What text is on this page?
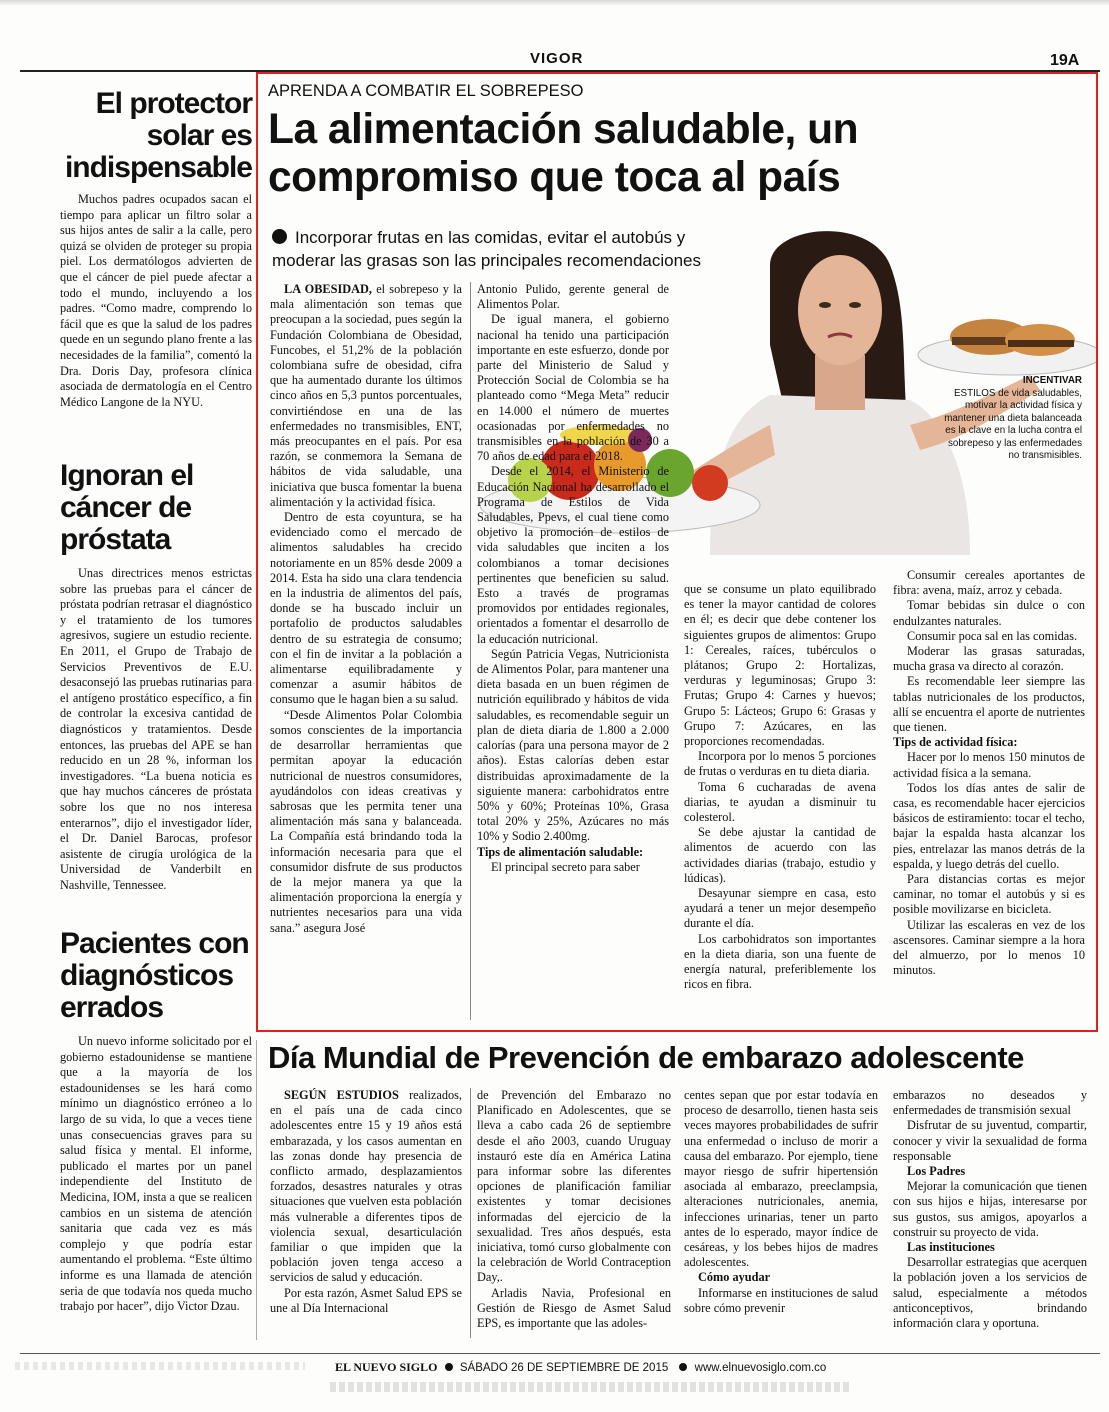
VIGOR	19A
El protector
solar es
indispensable

Muchos padres ocupados sacan el tiempo para aplicar un filtro solar a sus hijos antes de salir a la calle, pero quizá se olviden de proteger su propia piel. Los dermatólogos advierten de que el cáncer de piel puede afectar a todo el mundo, incluyendo a los padres. “Como madre, comprendo lo fácil que es que la salud de los padres quede en un segundo plano frente a las necesidades de la familia”, comentó la Dra. Doris Day, profesora clínica asociada de dermatología en el Centro Médico Langone de la NYU.

Ignoran el
cáncer de
próstata

Unas directrices menos estrictas sobre las pruebas para el cáncer de próstata podrían retrasar el diagnóstico y el tratamiento de los tumores agresivos, sugiere un estudio reciente. En 2011, el Grupo de Trabajo de Servicios Preventivos de E.U. desaconsejó las pruebas rutinarias para el antígeno prostático específico, a fin de controlar la excesiva cantidad de diagnósticos y tratamientos. Desde entonces, las pruebas del APE se han reducido en un 28 %, informan los investigadores. “La buena noticia es que hay muchos cánceres de próstata sobre los que no nos interesa enterarnos”, dijo el investigador líder, el Dr. Daniel Barocas, profesor asistente de cirugía urológica de la Universidad de Vanderbilt en Nashville, Tennessee.

Pacientes con
diagnósticos
errados

Un nuevo informe solicitado por el gobierno estadounidense se mantiene que a la mayoría de los estadounidenses se les hará como mínimo un diagnóstico erróneo a lo largo de su vida, lo que a veces tiene unas consecuencias graves para su salud física y mental. El informe, publicado el martes por un panel independiente del Instituto de Medicina, IOM, insta a que se realicen cambios en un sistema de atención sanitaria que cada vez es más complejo y que podría estar aumentando el problema. “Este último informe es una llamada de atención seria de que todavía nos queda mucho trabajo por hacer”, dijo Victor Dzau.

APRENDA A COMBATIR EL SOBREPESO
La alimentación saludable, un
compromiso que toca al país
Incorporar frutas en las comidas, evitar el autobús y moderar las grasas son las principales recomendaciones
INCENTIVAR
ESTILOS de vida saludables, motivar la actividad física y mantener una dieta balanceada es la clave en la lucha contra el sobrepeso y las enfermedades no transmisibles.

LA OBESIDAD, el sobrepeso y la mala alimentación son temas que preocupan a la sociedad, pues según la Fundación Colombiana de Obesidad, Funcobes, el 51,2% de la población colombiana sufre de obesidad, cifra que ha aumentado durante los últimos cinco años en 5,3 puntos porcentuales, convirtiéndose en una de las enfermedades no transmisibles, ENT, más preocupantes en el país. Por esa razón, se conmemora la Semana de hábitos de vida saludable, una iniciativa que busca fomentar la buena alimentación y la actividad física.

Dentro de esta coyuntura, se ha evidenciado como el mercado de alimentos saludables ha crecido notoriamente en un 85% desde 2009 a 2014. Esta ha sido una clara tendencia en la industria de alimentos del país, donde se ha buscado incluir un portafolio de productos saludables dentro de su estrategia de consumo; con el fin de invitar a la población a alimentarse equilibradamente y comenzar a asumir hábitos de consumo que le hagan bien a su salud.

“Desde Alimentos Polar Colombia somos conscientes de la importancia de desarrollar herramientas que permitan apoyar la educación nutricional de nuestros consumidores, ayudándolos con ideas creativas y sabrosas que les permita tener una alimentación más sana y balanceada. La Compañía está brindando toda la información necesaria para que el consumidor disfrute de sus productos de la mejor manera ya que la alimentación proporciona la energía y nutrientes necesarios para una vida sana.” asegura José

Antonio Pulido, gerente general de Alimentos Polar.

De igual manera, el gobierno nacional ha tenido una participación importante en este esfuerzo, donde por parte del Ministerio de Salud y Protección Social de Colombia se ha planteado como “Mega Meta” reducir en 14.000 el número de muertes ocasionadas por enfermedades no transmisibles en la población de 30 a 70 años de edad para el 2018.

Desde el 2014, el Ministerio de Educación Nacional ha desarrollado el Programa de Estilos de Vida Saludables, Ppevs, el cual tiene como objetivo la promoción de estilos de vida saludables que inciten a los colombianos a tomar decisiones pertinentes que beneficien su salud. Esto a través de programas promovidos por entidades regionales, orientados a fomentar el desarrollo de la educación nutricional.

Según Patricia Vegas, Nutricionista de Alimentos Polar, para mantener una dieta basada en un buen régimen de nutrición equilibrado y hábitos de vida saludables, es recomendable seguir un plan de dieta diaria de 1.800 a 2.000 calorías (para una persona mayor de 2 años). Estas calorías deben estar distribuidas aproximadamente de la siguiente manera: carbohidratos entre 50% y 60%; Proteínas 10%, Grasa total 20% y 25%, Azúcares no más 10% y Sodio 2.400mg.

Tips de alimentación saludable:

El principal secreto para saber

que se consume un plato equilibrado es tener la mayor cantidad de colores en él; es decir que debe contener los siguientes grupos de alimentos: Grupo 1: Cereales, raíces, tubérculos o plátanos; Grupo 2: Hortalizas, verduras y leguminosas; Grupo 3: Frutas; Grupo 4: Carnes y huevos; Grupo 5: Lácteos; Grupo 6: Grasas y Grupo 7: Azúcares, en las proporciones recomendadas.

Incorpora por lo menos 5 porciones de frutas o verduras en tu dieta diaria.

Toma 6 cucharadas de avena diarias, te ayudan a disminuir tu colesterol.

Se debe ajustar la cantidad de alimentos de acuerdo con las actividades diarias (trabajo, estudio y lúdicas).

Desayunar siempre en casa, esto ayudará a tener un mejor desempeño durante el día.

Los carbohidratos son importantes en la dieta diaria, son una fuente de energía natural, preferiblemente los ricos en fibra.

Consumir cereales aportantes de fibra: avena, maíz, arroz y cebada.

Tomar bebidas sin dulce o con endulzantes naturales.

Consumir poca sal en las comidas.

Moderar las grasas saturadas, mucha grasa va directo al corazón.

Es recomendable leer siempre las tablas nutricionales de los productos, allí se encuentra el aporte de nutrientes que tienen.

Tips de actividad física:

Hacer por lo menos 150 minutos de actividad física a la semana.

Todos los días antes de salir de casa, es recomendable hacer ejercicios básicos de estiramiento: tocar el techo, bajar la espalda hasta alcanzar los pies, entrelazar las manos detrás de la espalda, y luego detrás del cuello.

Para distancias cortas es mejor caminar, no tomar el autobús y si es posible movilizarse en bicicleta.

Utilizar las escaleras en vez de los ascensores. Caminar siempre a la hora del almuerzo, por lo menos 10 minutos.

Día Mundial de Prevención de embarazo adolescente

SEGÚN ESTUDIOS realizados, en el país una de cada cinco adolescentes entre 15 y 19 años está embarazada, y los casos aumentan en las zonas donde hay presencia de conflicto armado, desplazamientos forzados, desastres naturales y otras situaciones que vuelven esta población más vulnerable a diferentes tipos de violencia sexual, desarticulación familiar o que impiden que la población joven tenga acceso a servicios de salud y educación.

Por esta razón, Asmet Salud EPS se une al Día Internacional

de Prevención del Embarazo no Planificado en Adolescentes, que se lleva a cabo cada 26 de septiembre desde el año 2003, cuando Uruguay instauró este día en América Latina para informar sobre las diferentes opciones de planificación familiar existentes y tomar decisiones informadas del ejercicio de la sexualidad. Tres años después, esta iniciativa, tomó curso globalmente con la celebración de World Contraception Day,.

Arladis Navia, Profesional en Gestión de Riesgo de Asmet Salud EPS, es importante que las adoles-

centes sepan que por estar todavía en proceso de desarrollo, tienen hasta seis veces mayores probabilidades de sufrir una enfermedad o incluso de morir a causa del embarazo. Por ejemplo, tiene mayor riesgo de sufrir hipertensión asociada al embarazo, preeclampsia, alteraciones nutricionales, anemia, infecciones urinarias, tener un parto antes de lo esperado, mayor índice de cesáreas, y los bebes hijos de madres adolescentes.

Cómo ayudar

Informarse en instituciones de salud sobre cómo prevenir

embarazos no deseados y enfermedades de transmisión sexual

Disfrutar de su juventud, compartir, conocer y vivir la sexualidad de forma responsable

Los Padres

Mejorar la comunicación que tienen con sus hijos e hijas, interesarse por sus gustos, sus amigos, apoyarlos a construir su proyecto de vida.

Las instituciones

Desarrollar estrategias que acerquen la población joven a los servicios de salud, especialmente a métodos anticonceptivos, brindando información clara y oportuna.

EL NUEVO SIGLO SÁBADO 26 DE SEPTIEMBRE DE 2015 www.elnuevosiglo.com.co
